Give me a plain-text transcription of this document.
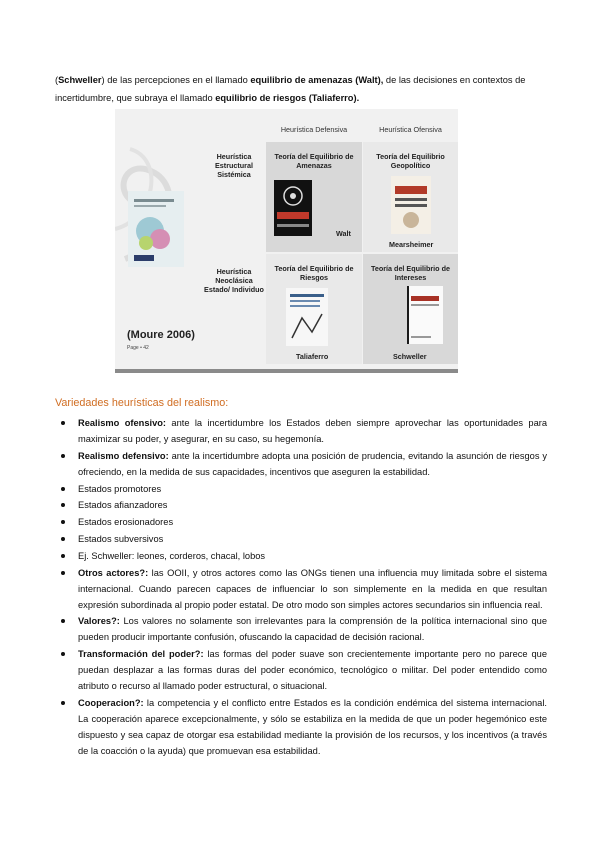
(Schweller) de las percepciones en el llamado equilibrio de amenazas (Walt), de las decisiones en contextos de incertidumbre, que subraya el llamado equilibrio de riesgos (Taliaferro).
Heurística Defensiva	Heurística Ofensiva
Heurística Estructural Sistémica
Heurística Neoclásica Estado/ Individuo
Teoría del Equilibrio de Amenazas
Walt
Teoría del Equilibrio Geopolítico
Mearsheimer
Teoría del Equilibrio de Riesgos
Taliaferro
Teoría del Equilibrio de Intereses
Schweller
(Moure 2006)
Page • 42
Variedades heurísticas del realismo:
Realismo ofensivo: ante la incertidumbre los Estados deben siempre aprovechar las oportunidades para maximizar su poder, y asegurar, en su caso, su hegemonía.
Realismo defensivo: ante la incertidumbre adopta una posición de prudencia, evitando la asunción de riesgos y ofreciendo, en la medida de sus capacidades, incentivos que aseguren la estabilidad.
Estados promotores
Estados afianzadores
Estados erosionadores
Estados subversivos
Ej. Schweller: leones, corderos, chacal, lobos
Otros actores?: las OOII, y otros actores como las ONGs tienen una influencia muy limitada sobre el sistema internacional. Cuando parecen capaces de influenciar lo son simplemente en la medida en que resultan expresión subordinada al propio poder estatal. De otro modo son simples actores secundarios sin influencia real.
Valores?: Los valores no solamente son irrelevantes para la comprensión de la política internacional sino que pueden producir importante confusión, ofuscando la capacidad de decisión racional.
Transformación del poder?: las formas del poder suave son crecientemente importante pero no parece que puedan desplazar a las formas duras del poder económico, tecnológico o militar. Del poder entendido como atributo o recurso al llamado poder estructural, o situacional.
Cooperacion?: la competencia y el conflicto entre Estados es la condición endémica del sistema internacional. La cooperación aparece excepcionalmente, y sólo se estabiliza en la medida de que un poder hegemónico este dispuesto y sea capaz de otorgar esa estabilidad mediante la provisión de los recursos, y los incentivos (a través de la coacción o la ayuda) que promuevan esa estabilidad.
